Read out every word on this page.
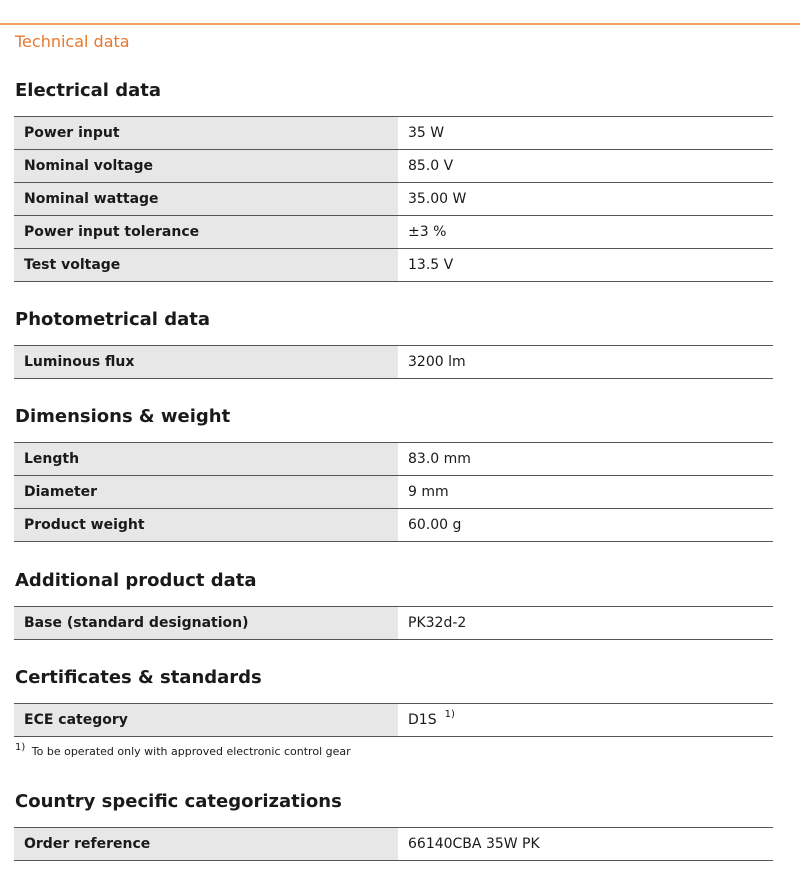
Technical data
Electrical data
Power input	35 W
Nominal voltage	85.0 V
Nominal wattage	35.00 W
Power input tolerance	±3 %
Test voltage	13.5 V
Photometrical data
Luminous flux	3200 lm
Dimensions & weight
Length	83.0 mm
Diameter	9 mm
Product weight	60.00 g
Additional product data
Base (standard designation)	PK32d-2
Certificates & standards
ECE category	D1S 1)
1) To be operated only with approved electronic control gear
Country specific categorizations
Order reference	66140CBA 35W PK
